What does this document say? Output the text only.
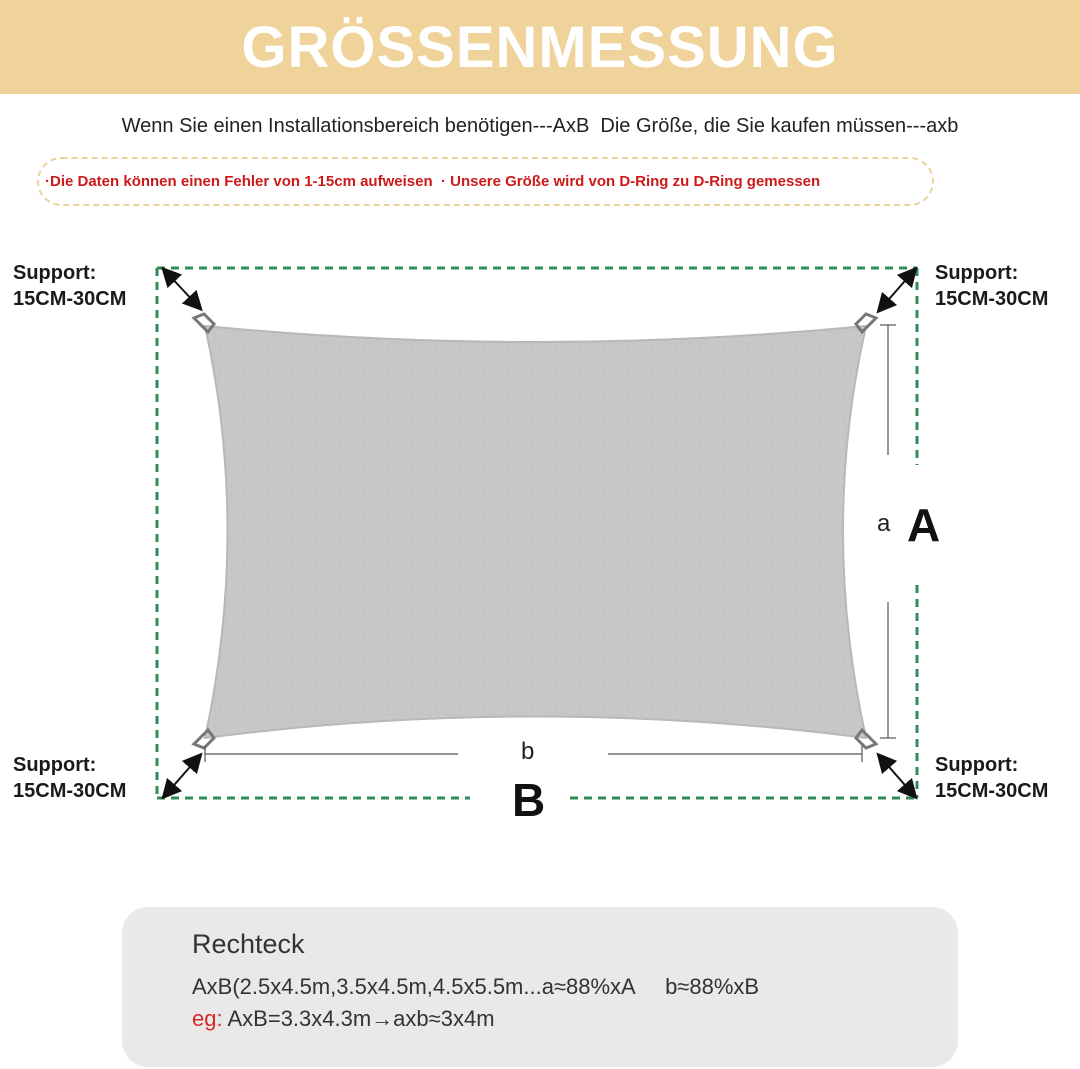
GRÖSSENMESSUNG
Wenn Sie einen Installationsbereich benötigen---AxB  Die Größe, die Sie kaufen müssen---axb
·Die Daten können einen Fehler von 1-15cm aufweisen
· Unsere Größe wird von D-Ring zu D-Ring gemessen
Support:
15CM-30CM
Support:
15CM-30CM
Support:
15CM-30CM
Support:
15CM-30CM
a A
b
B
Rechteck
AxB(2.5x4.5m,3.5x4.5m,4.5x5.5m...a≈88%xA     b≈88%xB
eg: AxB=3.3x4.3m→axb≈3x4m
